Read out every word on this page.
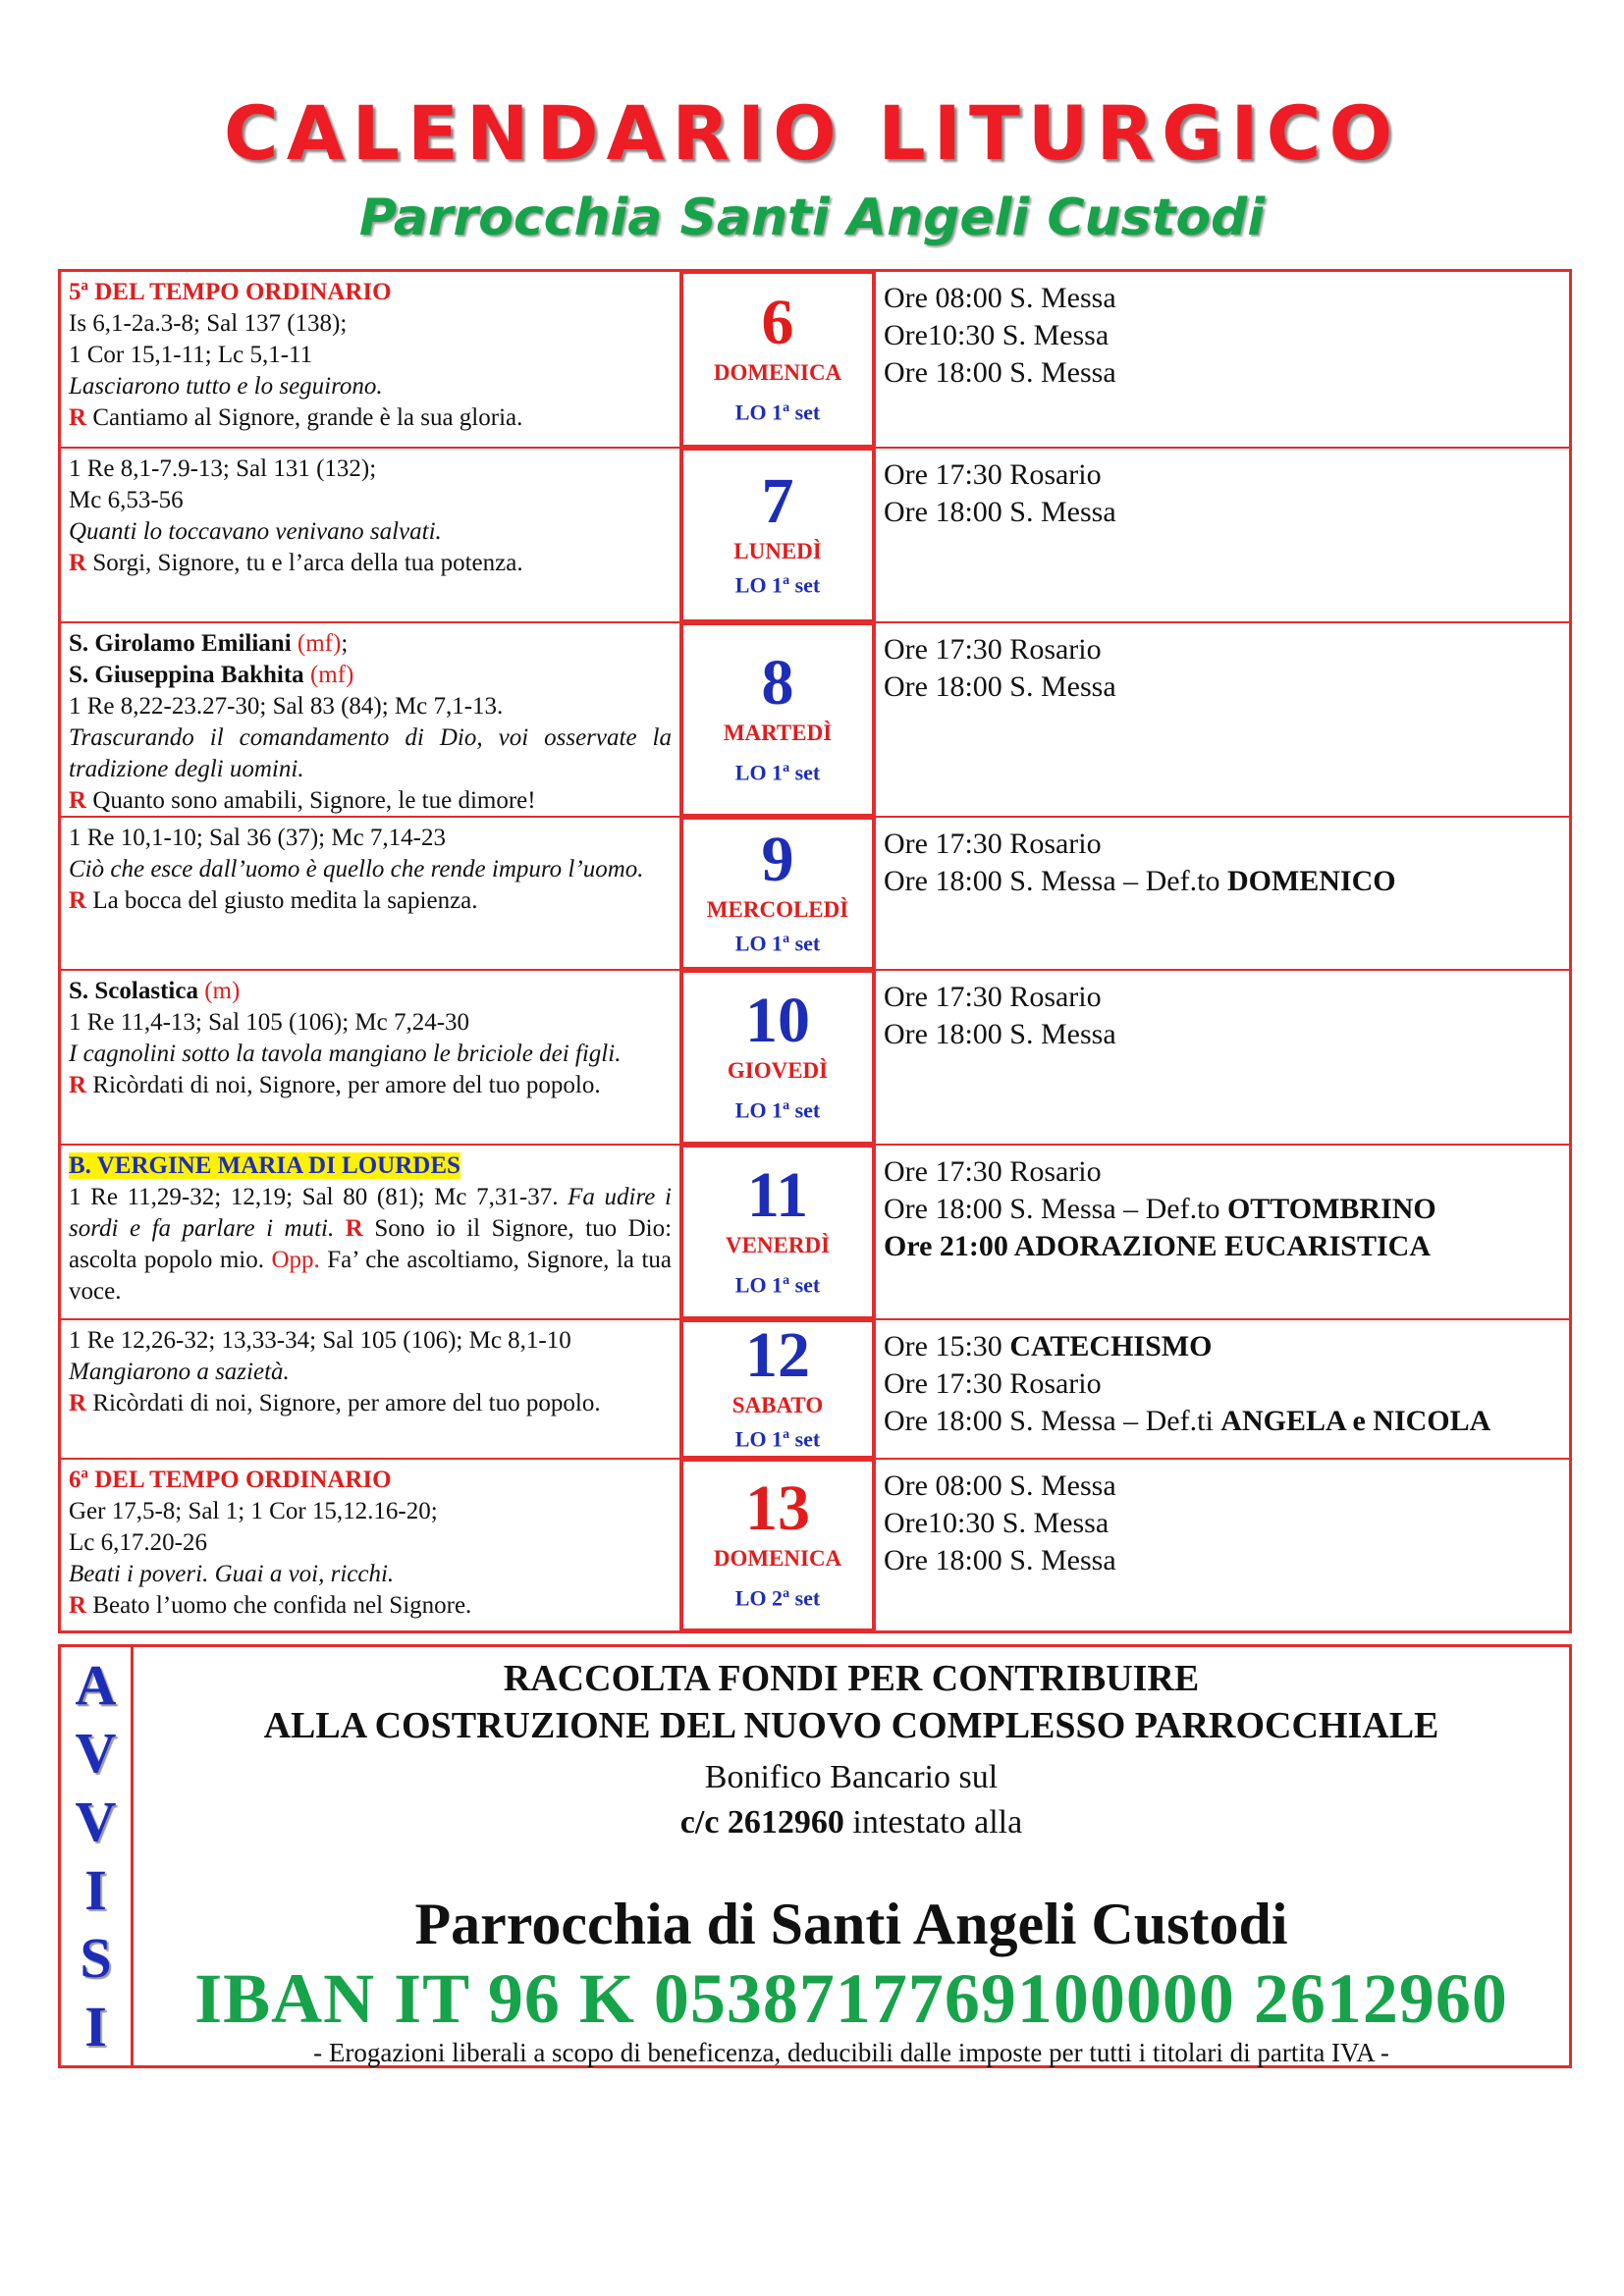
CALENDARIO LITURGICO
Parrocchia Santi Angeli Custodi
5ª DEL TEMPO ORDINARIO
Is 6,1-2a.3-8; Sal 137 (138);
1 Cor 15,1-11; Lc 5,1-11
Lasciarono tutto e lo seguirono.
R Cantiamo al Signore, grande è la sua gloria.
6
DOMENICA
LO 1$^a$ set
Ore 08:00 S. Messa
Ore10:30 S. Messa
Ore 18:00 S. Messa
1 Re 8,1-7.9-13; Sal 131 (132);
Mc 6,53-56
Quanti lo toccavano venivano salvati.
R Sorgi, Signore, tu e l’arca della tua potenza.
7
LUNEDÌ
LO 1$^a$ set
Ore 17:30 Rosario
Ore 18:00 S. Messa
S. Girolamo Emiliani (mf);
S. Giuseppina Bakhita (mf)
1 Re 8,22-23.27-30; Sal 83 (84); Mc 7,1-13.
Trascurando il comandamento di Dio, voi osservate la tradizione degli uomini.
R Quanto sono amabili, Signore, le tue dimore!
8
MARTEDÌ
LO 1$^a$ set
Ore 17:30 Rosario
Ore 18:00 S. Messa
1 Re 10,1-10; Sal 36 (37); Mc 7,14-23
Ciò che esce dall’uomo è quello che rende impuro l’uomo.
R La bocca del giusto medita la sapienza.
9
MERCOLEDÌ
LO 1$^a$ set
Ore 17:30 Rosario
Ore 18:00 S. Messa – Def.to DOMENICO
S. Scolastica (m)
1 Re 11,4-13; Sal 105 (106); Mc 7,24-30
I cagnolini sotto la tavola mangiano le briciole dei figli.
R Ricòrdati di noi, Signore, per amore del tuo popolo.
10
GIOVEDÌ
LO 1$^a$ set
Ore 17:30 Rosario
Ore 18:00 S. Messa
B. VERGINE MARIA DI LOURDES
1 Re 11,29-32; 12,19; Sal 80 (81); Mc 7,31-37. Fa udire i sordi e fa parlare i muti. R Sono io il Signore, tuo Dio: ascolta popolo mio. Opp. Fa’ che ascoltiamo, Signore, la tua voce.
11
VENERDÌ
LO 1$^a$ set
Ore 17:30 Rosario
Ore 18:00 S. Messa – Def.to OTTOMBRINO
Ore 21:00 ADORAZIONE EUCARISTICA
1 Re 12,26-32; 13,33-34; Sal 105 (106); Mc 8,1-10
Mangiarono a sazietà.
R Ricòrdati di noi, Signore, per amore del tuo popolo.
12
SABATO
LO 1$^a$ set
Ore 15:30 CATECHISMO
Ore 17:30 Rosario
Ore 18:00 S. Messa – Def.ti ANGELA e NICOLA
6ª DEL TEMPO ORDINARIO
Ger 17,5-8; Sal 1; 1 Cor 15,12.16-20;
Lc 6,17.20-26
Beati i poveri. Guai a voi, ricchi.
R Beato l’uomo che confida nel Signore.
13
DOMENICA
LO 2$^a$ set
Ore 08:00 S. Messa
Ore10:30 S. Messa
Ore 18:00 S. Messa
A
V
V
I
S
I
RACCOLTA FONDI PER CONTRIBUIRE
ALLA COSTRUZIONE DEL NUOVO COMPLESSO PARROCCHIALE
Bonifico Bancario sul
c/c 2612960 intestato alla
Parrocchia di Santi Angeli Custodi
IBAN IT 96 K 0538717769100000 2612960
- Erogazioni liberali a scopo di beneficenza, deducibili dalle imposte per tutti i titolari di partita IVA -
